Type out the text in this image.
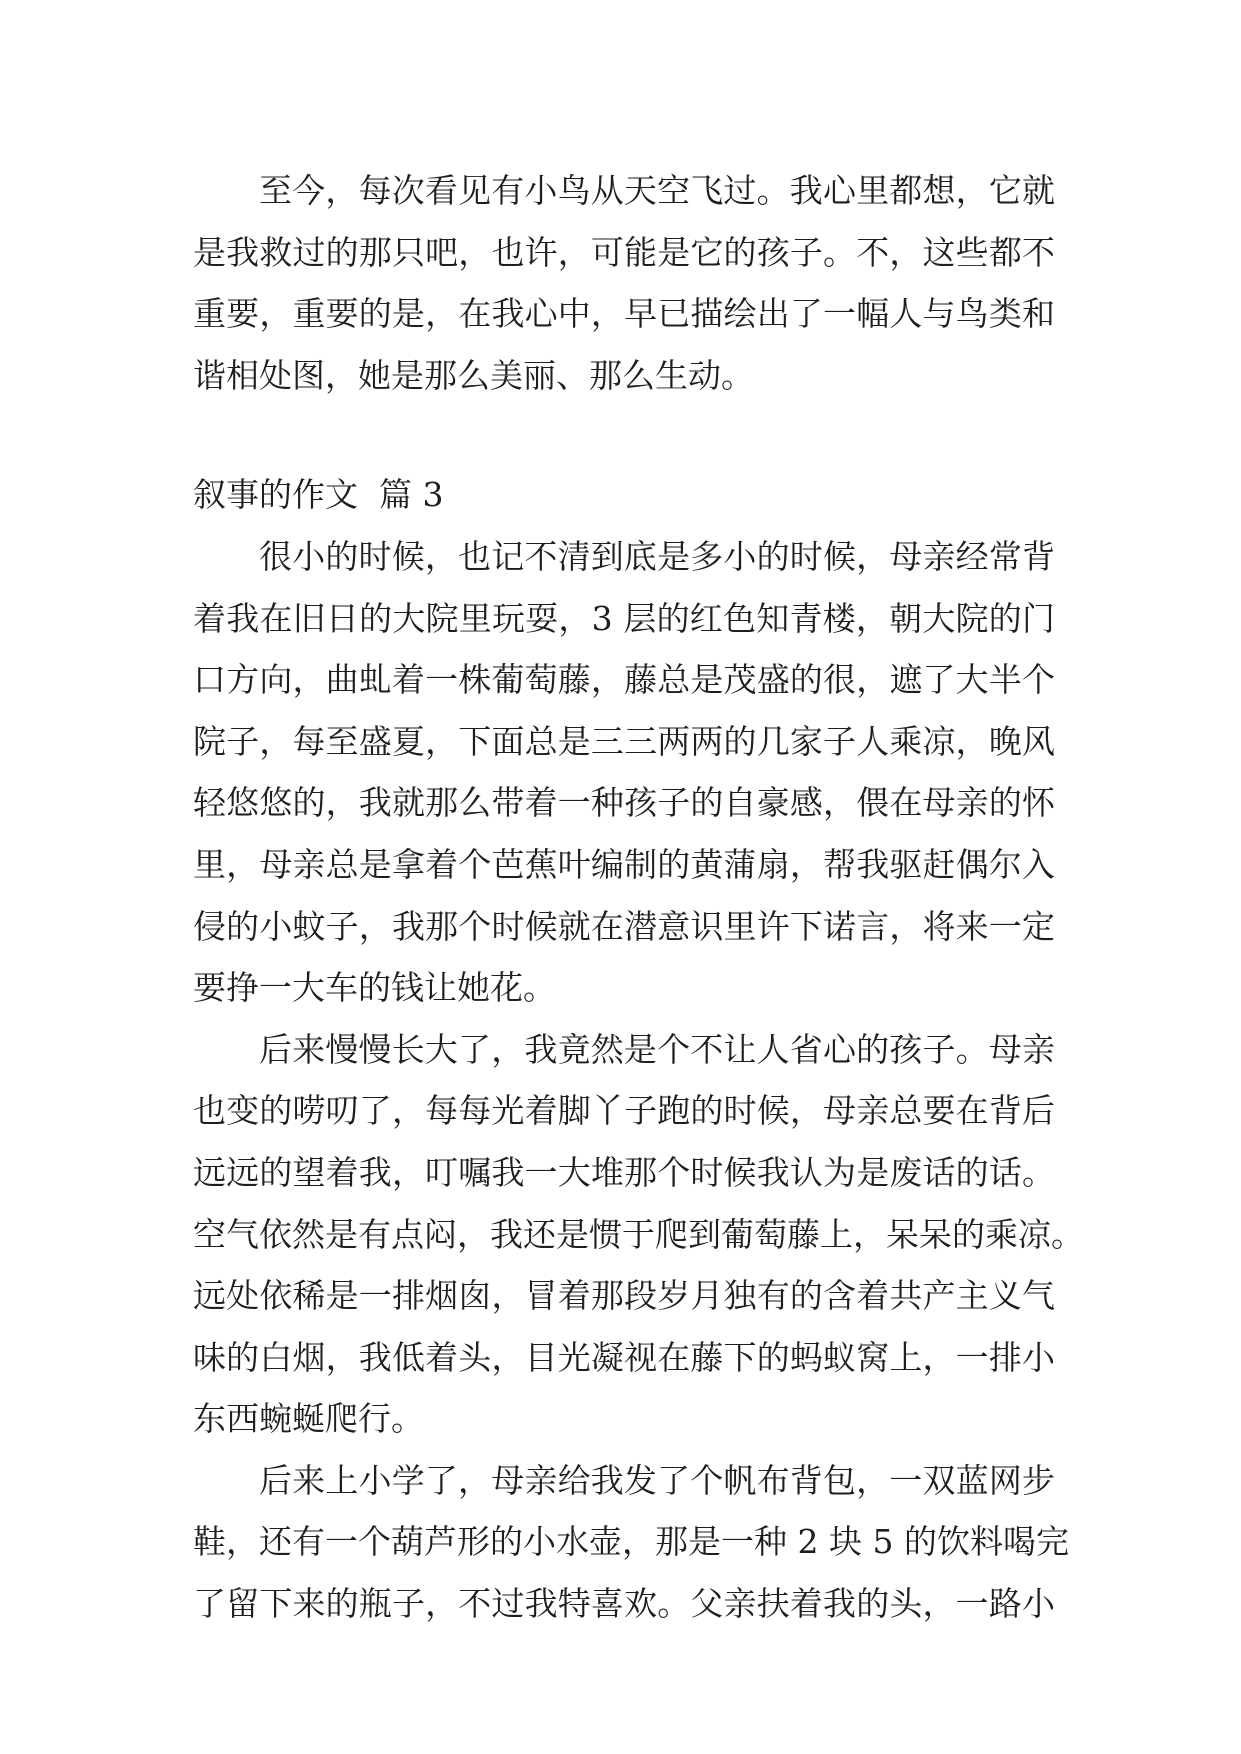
至今，每次看见有小鸟从天空飞过。我心里都想，它就
是我救过的那只吧，也许，可能是它的孩子。不，这些都不
重要，重要的是，在我心中，早已描绘出了一幅人与鸟类和
谐相处图，她是那么美丽、那么生动。
叙事的作文  篇 3
很小的时候，也记不清到底是多小的时候，母亲经常背
着我在旧日的大院里玩耍，3 层的红色知青楼，朝大院的门
口方向，曲虬着一株葡萄藤，藤总是茂盛的很，遮了大半个
院子，每至盛夏，下面总是三三两两的几家子人乘凉，晚风
轻悠悠的，我就那么带着一种孩子的自豪感，偎在母亲的怀
里，母亲总是拿着个芭蕉叶编制的黄蒲扇，帮我驱赶偶尔入
侵的小蚊子，我那个时候就在潜意识里许下诺言，将来一定
要挣一大车的钱让她花。
后来慢慢长大了，我竟然是个不让人省心的孩子。母亲
也变的唠叨了，每每光着脚丫子跑的时候，母亲总要在背后
远远的望着我，叮嘱我一大堆那个时候我认为是废话的话。
空气依然是有点闷，我还是惯于爬到葡萄藤上，呆呆的乘凉。
远处依稀是一排烟囱，冒着那段岁月独有的含着共产主义气
味的白烟，我低着头，目光凝视在藤下的蚂蚁窝上，一排小
东西蜿蜒爬行。
后来上小学了，母亲给我发了个帆布背包，一双蓝网步
鞋，还有一个葫芦形的小水壶，那是一种 2 块 5 的饮料喝完
了留下来的瓶子，不过我特喜欢。父亲扶着我的头，一路小
